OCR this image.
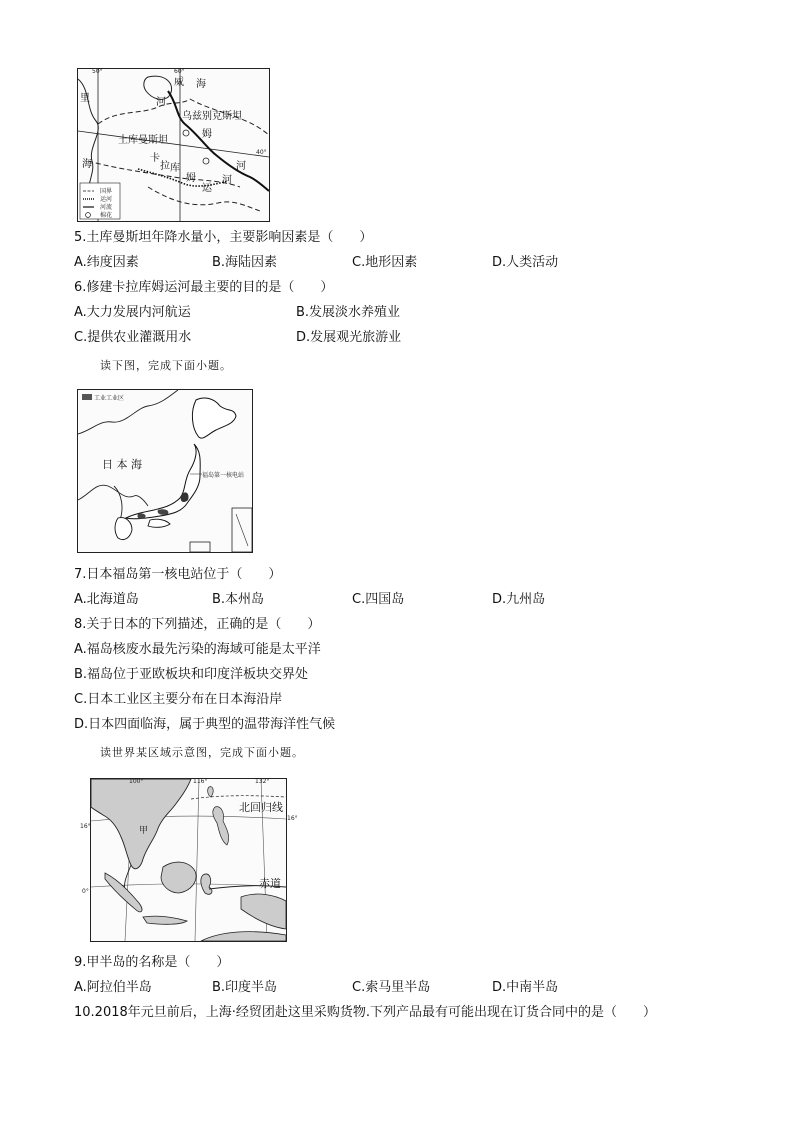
50°	60°
40°
里
海
威 海
河
乌兹别克斯坦
姆
土库曼斯坦
卡
拉 库	河
姆
运
河
国界
运河
河流
棉花
5.土库曼斯坦年降水量小，主要影响因素是（　　）
A.纬度因素	B.海陆因素	C.地形因素	D.人类活动
6.修建卡拉库姆运河最主要的目的是（　　）
A.大力发展内河航运	B.发展淡水养殖业
C.提供农业灌溉用水	D.发展观光旅游业
读下图，完成下面小题。
工业工业区
日 本 海
福岛第一核电站
7.日本福岛第一核电站位于（　　）
A.北海道岛	B.本州岛	C.四国岛	D.九州岛
8.关于日本的下列描述，正确的是（　　）
A.福岛核废水最先污染的海域可能是太平洋
B.福岛位于亚欧板块和印度洋板块交界处
C.日本工业区主要分布在日本海沿岸
D.日本四面临海，属于典型的温带海洋性气候
读世界某区域示意图，完成下面小题。
100°	116°	132°
北回归线
赤道
甲
16°
0°
16°
9.甲半岛的名称是（　　）
A.阿拉伯半岛	B.印度半岛	C.索马里半岛	D.中南半岛
10.2018年元旦前后，上海·经贸团赴这里采购货物.下列产品最有可能出现在订货合同中的是（　　）
